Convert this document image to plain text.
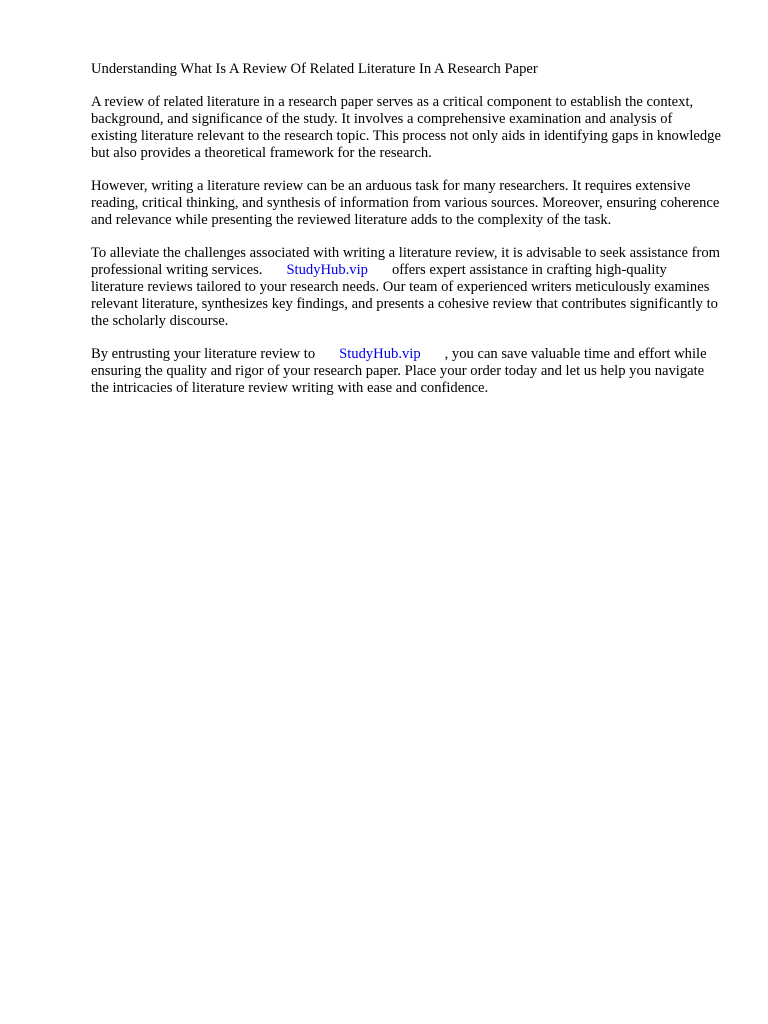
Understanding What Is A Review Of Related Literature In A Research Paper

A review of related literature in a research paper serves as a critical component to establish the context, background, and significance of the study. It involves a comprehensive examination and analysis of existing literature relevant to the research topic. This process not only aids in identifying gaps in knowledge but also provides a theoretical framework for the research.

However, writing a literature review can be an arduous task for many researchers. It requires extensive reading, critical thinking, and synthesis of information from various sources. Moreover, ensuring coherence and relevance while presenting the reviewed literature adds to the complexity of the task.

To alleviate the challenges associated with writing a literature review, it is advisable to seek assistance from professional writing services. StudyHub.vip offers expert assistance in crafting high-quality literature reviews tailored to your research needs. Our team of experienced writers meticulously examines relevant literature, synthesizes key findings, and presents a cohesive review that contributes significantly to the scholarly discourse.

By entrusting your literature review to StudyHub.vip , you can save valuable time and effort while ensuring the quality and rigor of your research paper. Place your order today and let us help you navigate the intricacies of literature review writing with ease and confidence.
